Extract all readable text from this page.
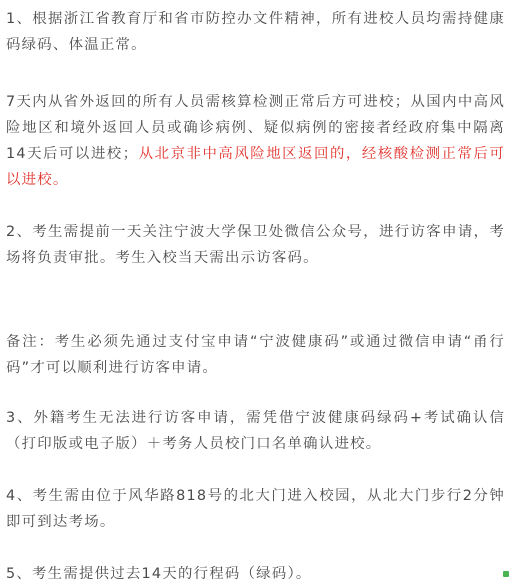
1、根据浙江省教育厅和省市防控办文件精神，所有进校人员均需持健康码绿码、体温正常。

7天内从省外返回的所有人员需核算检测正常后方可进校；从国内中高风险地区和境外返回人员或确诊病例、疑似病例的密接者经政府集中隔离14天后可以进校；从北京非中高风险地区返回的，经核酸检测正常后可以进校。

2、考生需提前一天关注宁波大学保卫处微信公众号，进行访客申请，考场将负责审批。考生入校当天需出示访客码。

备注：考生必须先通过支付宝申请“宁波健康码”或通过微信申请“甬行码”才可以顺利进行访客申请。

3、外籍考生无法进行访客申请，需凭借宁波健康码绿码+考试确认信（打印版或电子版）＋考务人员校门口名单确认进校。

4、考生需由位于风华路818号的北大门进入校园，从北大门步行2分钟即可到达考场。

5、考生需提供过去14天的行程码（绿码）。
